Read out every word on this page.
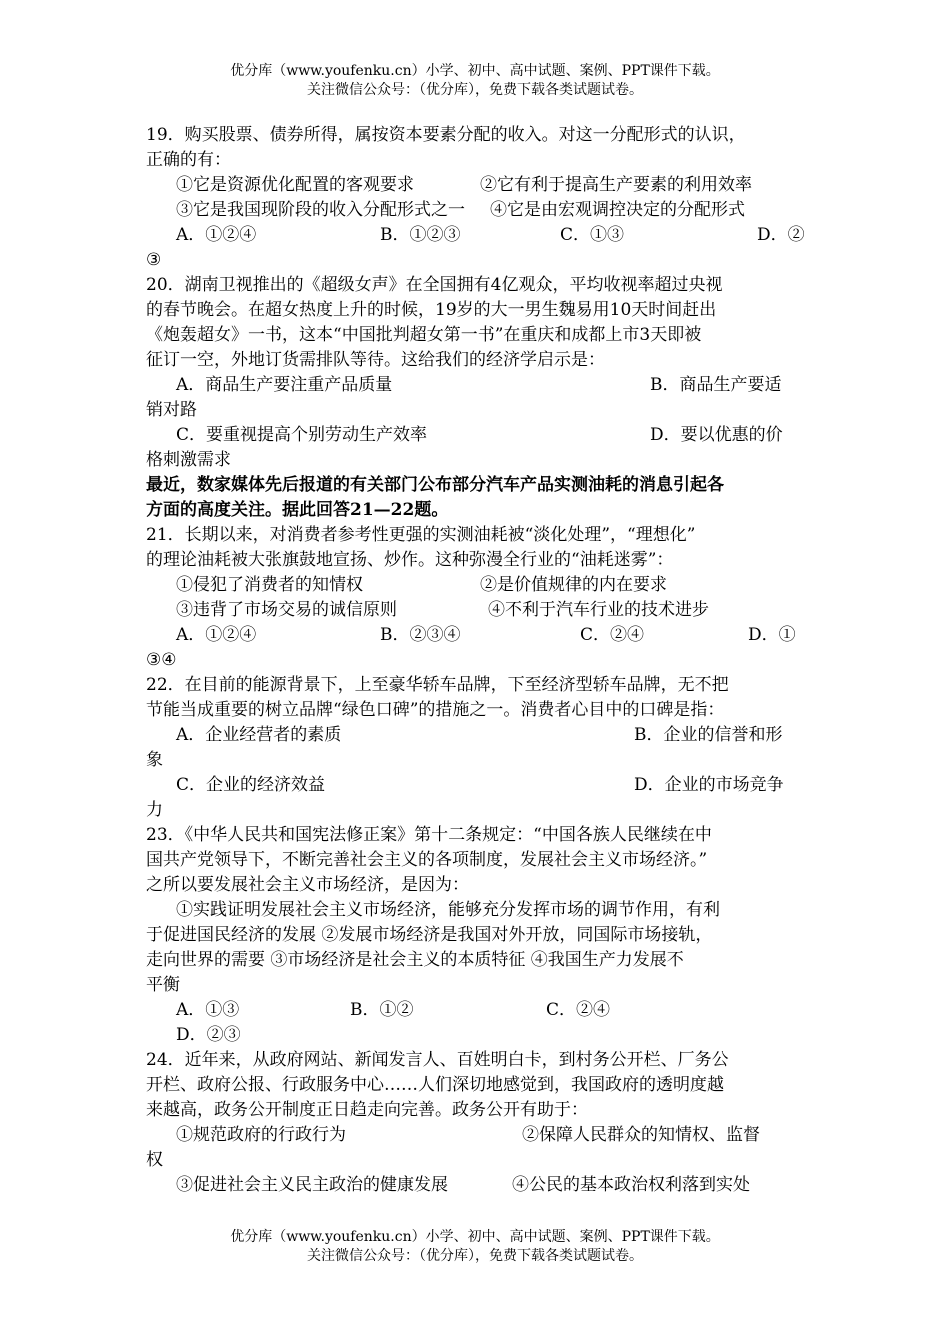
优分库（www.youfenku.cn）小学、初中、高中试题、案例、PPT课件下载。
关注微信公众号：（优分库），免费下载各类试题试卷。
19．购买股票、债券所得，属按资本要素分配的收入。对这一分配形式的认识，
正确的有：
①它是资源优化配置的客观要求	②它有利于提高生产要素的利用效率
③它是我国现阶段的收入分配形式之一 ④它是由宏观调控决定的分配形式
A．①②④	B．①②③	C．①③	D．②
③
20．湖南卫视推出的《超级女声》在全国拥有4亿观众，平均收视率超过央视
的春节晚会。在超女热度上升的时候，19岁的大一男生魏易用10天时间赶出
《炮轰超女》一书，这本“中国批判超女第一书”在重庆和成都上市3天即被
征订一空，外地订货需排队等待。这给我们的经济学启示是：
A．商品生产要注重产品质量	B．商品生产要适
销对路
C．要重视提高个别劳动生产效率	D．要以优惠的价
格刺激需求
最近，数家媒体先后报道的有关部门公布部分汽车产品实测油耗的消息引起各
方面的高度关注。据此回答21—22题。
21．长期以来，对消费者参考性更强的实测油耗被“淡化处理”，“理想化”
的理论油耗被大张旗鼓地宣扬、炒作。这种弥漫全行业的“油耗迷雾”：
①侵犯了消费者的知情权	②是价值规律的内在要求
③违背了市场交易的诚信原则	④不利于汽车行业的技术进步
A．①②④	B．②③④	C．②④	D．①
③④
22．在目前的能源背景下，上至豪华轿车品牌，下至经济型轿车品牌，无不把
节能当成重要的树立品牌“绿色口碑”的措施之一。消费者心目中的口碑是指：
A．企业经营者的素质	B．企业的信誉和形
象
C．企业的经济效益	D．企业的市场竞争
力
23．《中华人民共和国宪法修正案》第十二条规定：“中国各族人民继续在中
国共产党领导下，不断完善社会主义的各项制度，发展社会主义市场经济。”
之所以要发展社会主义市场经济，是因为：
①实践证明发展社会主义市场经济，能够充分发挥市场的调节作用，有利
于促进国民经济的发展 ②发展市场经济是我国对外开放，同国际市场接轨，
走向世界的需要 ③市场经济是社会主义的本质特征 ④我国生产力发展不
平衡
A．①③	B．①②	C．②④
D．②③
24．近年来，从政府网站、新闻发言人、百姓明白卡，到村务公开栏、厂务公
开栏、政府公报、行政服务中心……人们深切地感觉到，我国政府的透明度越
来越高，政务公开制度正日趋走向完善。政务公开有助于：
①规范政府的行政行为	②保障人民群众的知情权、监督
权
③促进社会主义民主政治的健康发展	④公民的基本政治权利落到实处
优分库（www.youfenku.cn）小学、初中、高中试题、案例、PPT课件下载。
关注微信公众号：（优分库），免费下载各类试题试卷。
